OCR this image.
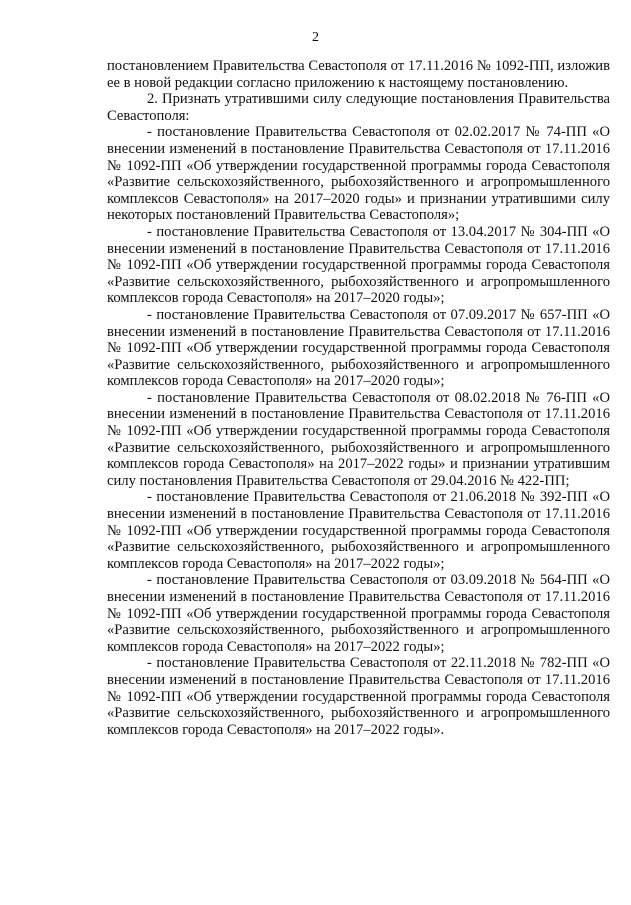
2

постановлением Правительства Севастополя от 17.11.2016 № 1092-ПП, изложив ее в новой редакции согласно приложению к настоящему постановлению.

2. Признать утратившими силу следующие постановления Правительства Севастополя:

- постановление Правительства Севастополя от 02.02.2017 № 74-ПП «О внесении изменений в постановление Правительства Севастополя от 17.11.2016 № 1092-ПП «Об утверждении государственной программы города Севастополя «Развитие сельскохозяйственного, рыбохозяйственного и агропромышленного комплексов Севастополя» на 2017–2020 годы» и признании утратившими силу некоторых постановлений Правительства Севастополя»;

- постановление Правительства Севастополя от 13.04.2017 № 304-ПП «О внесении изменений в постановление Правительства Севастополя от 17.11.2016 № 1092-ПП «Об утверждении государственной программы города Севастополя «Развитие сельскохозяйственного, рыбохозяйственного и агропромышленного комплексов города Севастополя» на 2017–2020 годы»;

- постановление Правительства Севастополя от 07.09.2017 № 657-ПП «О внесении изменений в постановление Правительства Севастополя от 17.11.2016 № 1092-ПП «Об утверждении государственной программы города Севастополя «Развитие сельскохозяйственного, рыбохозяйственного и агропромышленного комплексов города Севастополя» на 2017–2020 годы»;

- постановление Правительства Севастополя от 08.02.2018 № 76-ПП «О внесении изменений в постановление Правительства Севастополя от 17.11.2016 № 1092-ПП «Об утверждении государственной программы города Севастополя «Развитие сельскохозяйственного, рыбохозяйственного и агропромышленного комплексов города Севастополя» на 2017–2022 годы» и признании утратившим силу постановления Правительства Севастополя от 29.04.2016 № 422-ПП;

- постановление Правительства Севастополя от 21.06.2018 № 392-ПП «О внесении изменений в постановление Правительства Севастополя от 17.11.2016 № 1092-ПП «Об утверждении государственной программы города Севастополя «Развитие сельскохозяйственного, рыбохозяйственного и агропромышленного комплексов города Севастополя» на 2017–2022 годы»;

- постановление Правительства Севастополя от 03.09.2018 № 564-ПП «О внесении изменений в постановление Правительства Севастополя от 17.11.2016 № 1092-ПП «Об утверждении государственной программы города Севастополя «Развитие сельскохозяйственного, рыбохозяйственного и агропромышленного комплексов города Севастополя» на 2017–2022 годы»;

- постановление Правительства Севастополя от 22.11.2018 № 782-ПП «О внесении изменений в постановление Правительства Севастополя от 17.11.2016 № 1092-ПП «Об утверждении государственной программы города Севастополя «Развитие сельскохозяйственного, рыбохозяйственного и агропромышленного комплексов города Севастополя» на 2017–2022 годы».
